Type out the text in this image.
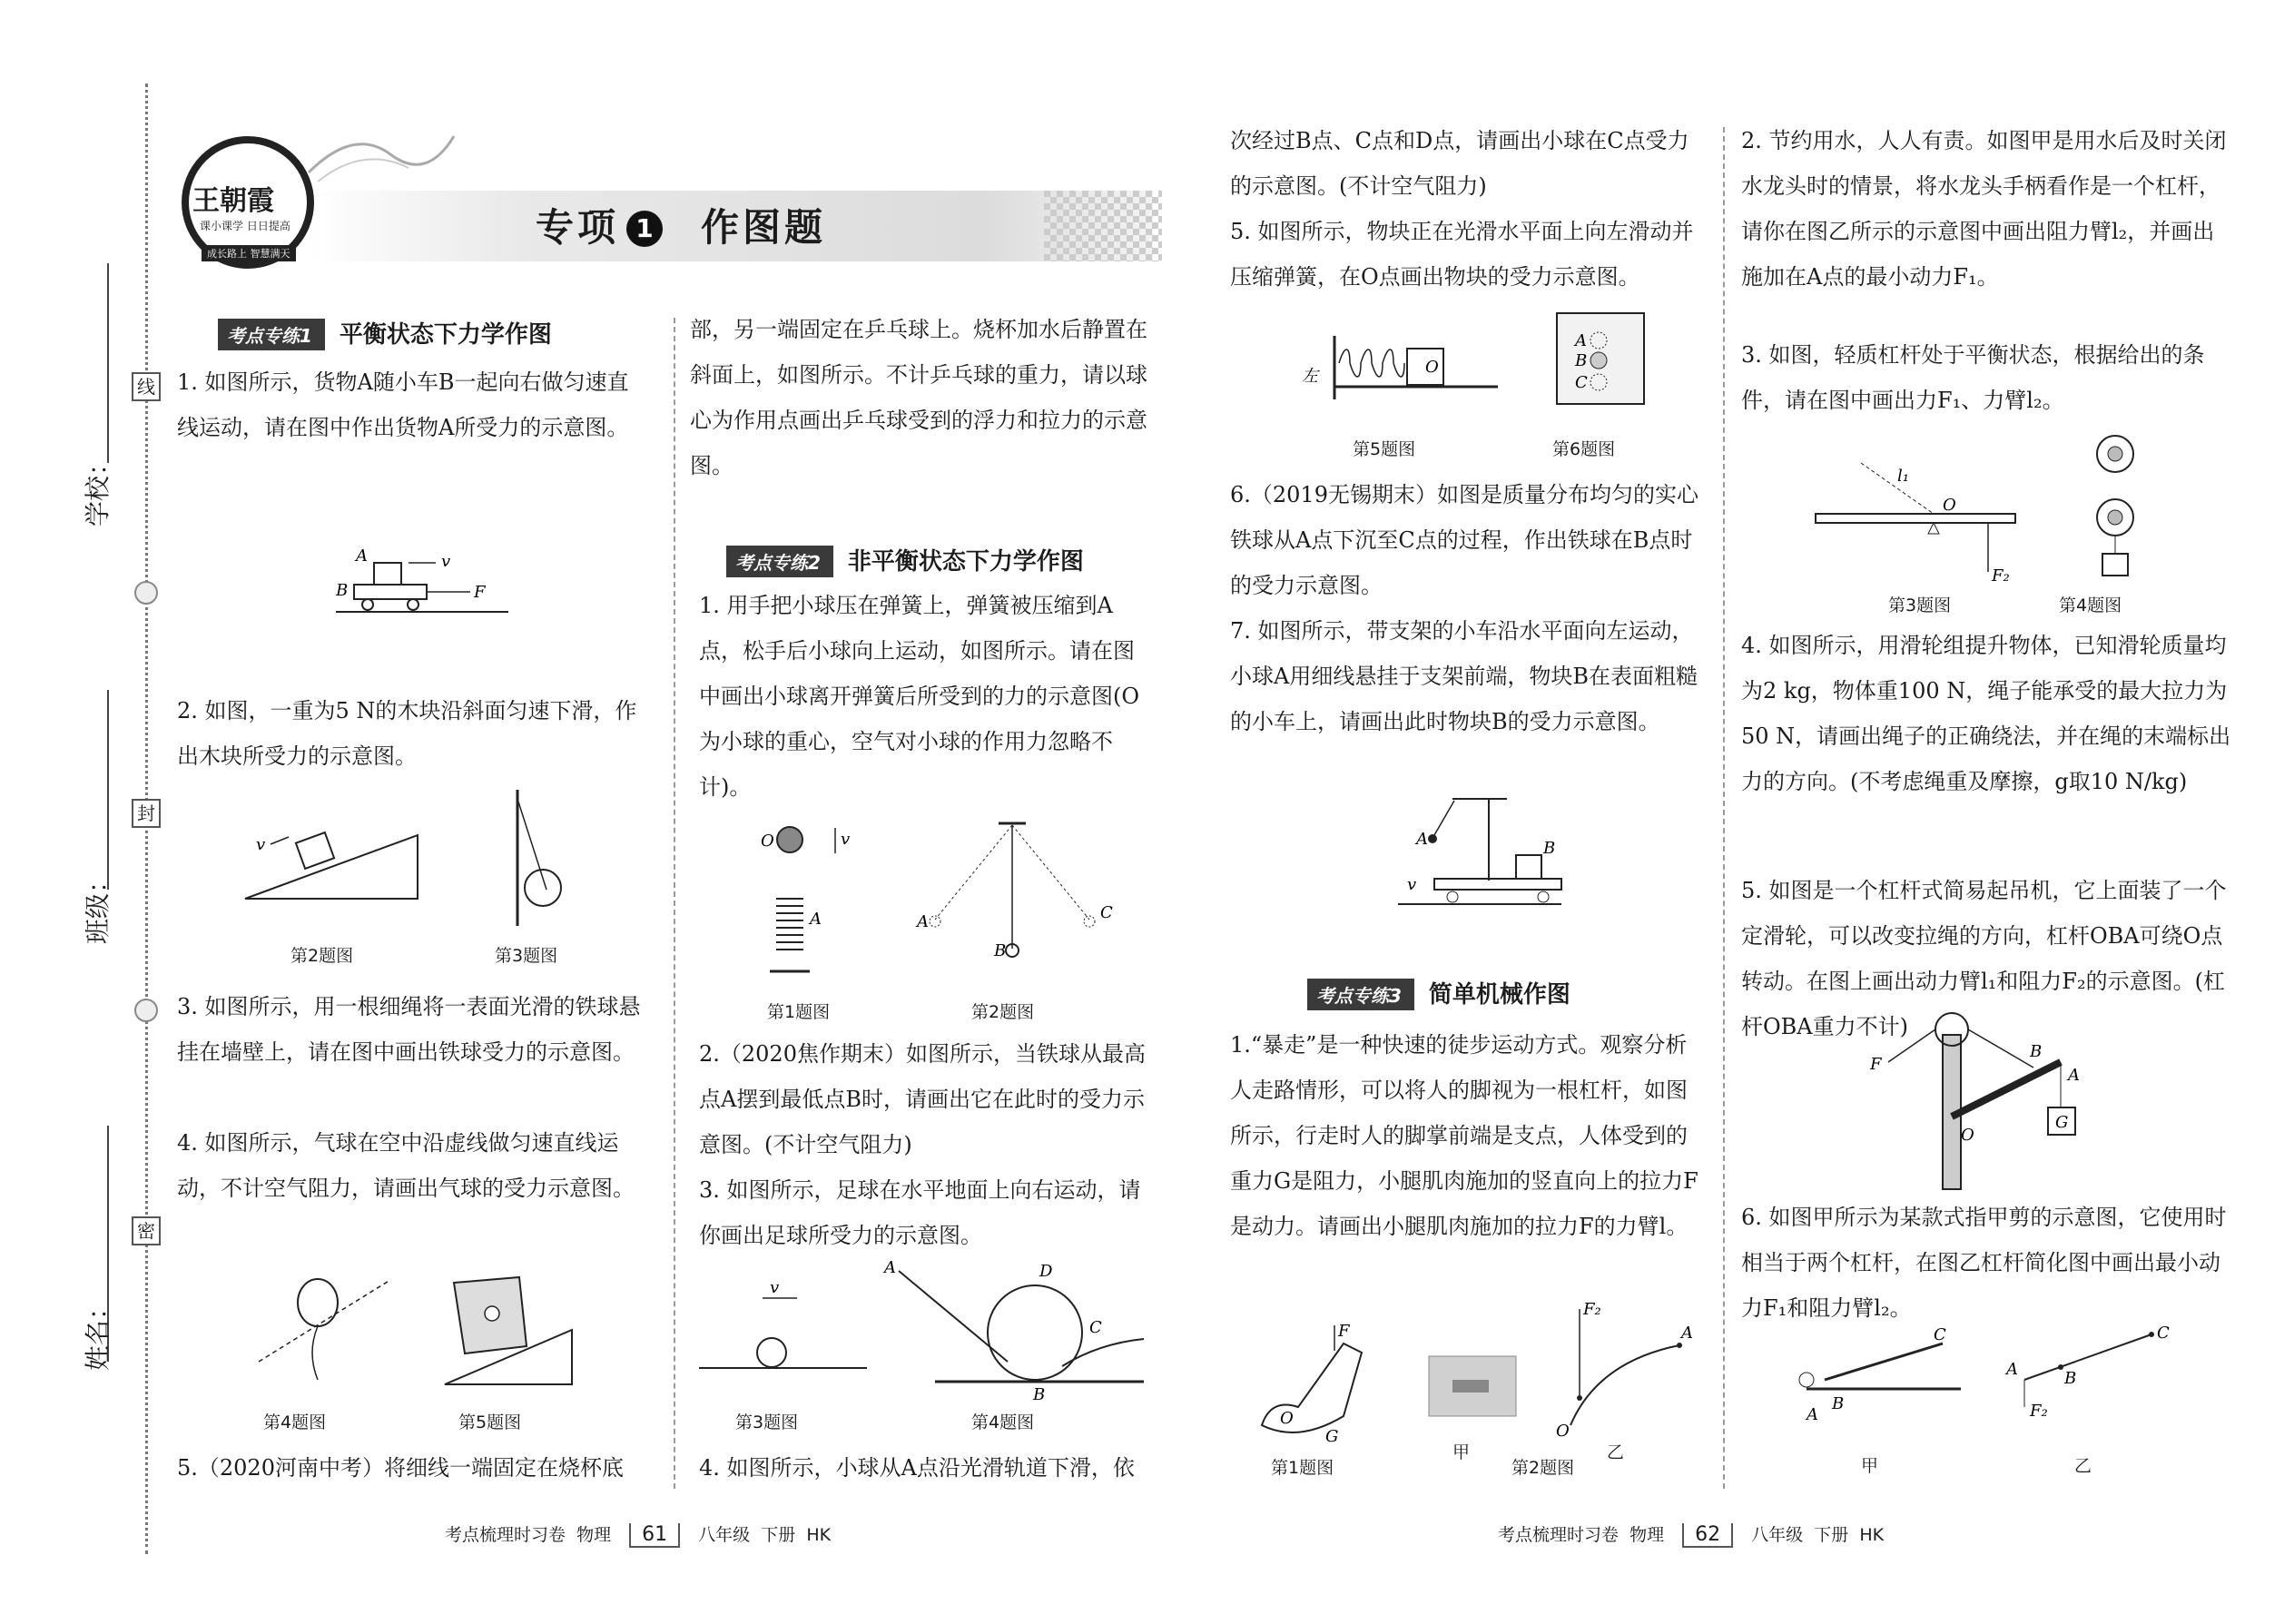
学校：
班级：
姓名：
线
封
密
王朝霞
课小课学 日日提高
成长路上 智慧满天
专项 1 作图题
考点专练1 平衡状态下力学作图
1. 如图所示，货物A随小车B一起向右做匀速直线运动，请在图中作出货物A所受力的示意图。
2. 如图，一重为5 N的木块沿斜面匀速下滑，作出木块所受力的示意图。
3. 如图所示，用一根细绳将一表面光滑的铁球悬挂在墙壁上，请在图中画出铁球受力的示意图。
4. 如图所示，气球在空中沿虚线做匀速直线运动，不计空气阻力，请画出气球的受力示意图。
5.（2020河南中考）将细线一端固定在烧杯底
A
B
v
F
v
第2题图	第3题图
第4题图	第5题图
部，另一端固定在乒乓球上。烧杯加水后静置在斜面上，如图所示。不计乒乓球的重力，请以球心为作用点画出乒乓球受到的浮力和拉力的示意图。
考点专练2 非平衡状态下力学作图
1. 用手把小球压在弹簧上，弹簧被压缩到A点，松手后小球向上运动，如图所示。请在图中画出小球离开弹簧后所受到的力的示意图(O为小球的重心，空气对小球的作用力忽略不计)。
2.（2020焦作期末）如图所示，当铁球从最高点A摆到最低点B时，请画出它在此时的受力示意图。(不计空气阻力)
3. 如图所示，足球在水平地面上向右运动，请你画出足球所受力的示意图。
4. 如图所示，小球从A点沿光滑轨道下滑，依
O	v
A	A
B
C
第1题图	第2题图
v
A	D
C
B
第3题图	第4题图
次经过B点、C点和D点，请画出小球在C点受力的示意图。(不计空气阻力)
5. 如图所示，物块正在光滑水平面上向左滑动并压缩弹簧，在O点画出物块的受力示意图。
6.（2019无锡期末）如图是质量分布均匀的实心铁球从A点下沉至C点的过程，作出铁球在B点时的受力示意图。
7. 如图所示，带支架的小车沿水平面向左运动，小球A用细线悬挂于支架前端，物块B在表面粗糙的小车上，请画出此时物块B的受力示意图。
左	O
A
B
C
第5题图	第6题图
A	B
v
考点专练3 简单机械作图
1.“暴走”是一种快速的徒步运动方式。观察分析人走路情形，可以将人的脚视为一根杠杆，如图所示，行走时人的脚掌前端是支点，人体受到的重力G是阻力，小腿肌肉施加的竖直向上的拉力F是动力。请画出小腿肌肉施加的拉力F的力臂l。
F
O
G
F₂
A
O
第1题图
甲
第2题图
乙
2. 节约用水，人人有责。如图甲是用水后及时关闭水龙头时的情景，将水龙头手柄看作是一个杠杆，请你在图乙所示的示意图中画出阻力臂l₂，并画出施加在A点的最小动力F₁。
3. 如图，轻质杠杆处于平衡状态，根据给出的条件，请在图中画出力F₁、力臂l₂。
4. 如图所示，用滑轮组提升物体，已知滑轮质量均为2 kg，物体重100 N，绳子能承受的最大拉力为50 N，请画出绳子的正确绕法，并在绳的末端标出力的方向。(不考虑绳重及摩擦，g取10 N/kg)
5. 如图是一个杠杆式简易起吊机，它上面装了一个定滑轮，可以改变拉绳的方向，杠杆OBA可绕O点转动。在图上画出动力臂l₁和阻力F₂的示意图。(杠杆OBA重力不计)
6. 如图甲所示为某款式指甲剪的示意图，它使用时相当于两个杠杆，在图乙杠杆简化图中画出最小动力F₁和阻力臂l₂。
l₁
O
F₂
第3题图	第4题图
F
B
A
O
G
C
B
A
A	B
C
F₂
甲	乙
考点梳理时习卷 物理 61 八年级 下册 HK	考点梳理时习卷 物理 62 八年级 下册 HK
